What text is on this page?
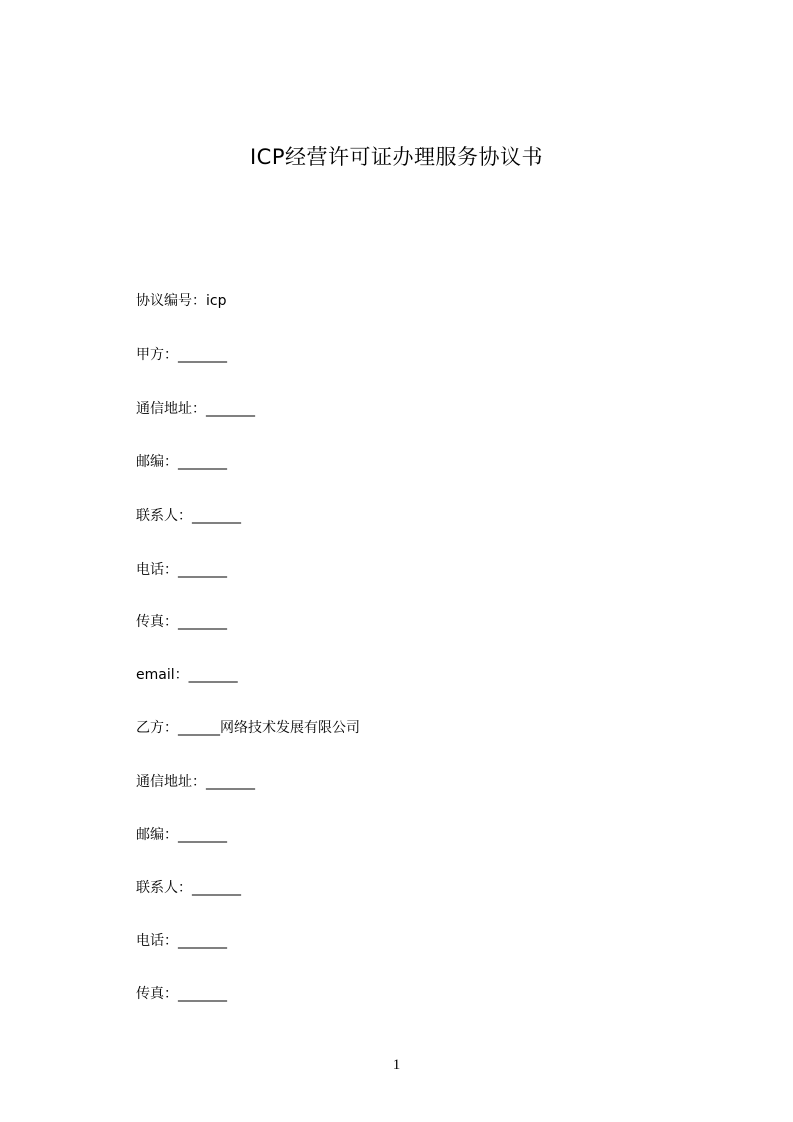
ICP经营许可证办理服务协议书
协议编号：icp
甲方：_______
通信地址：_______
邮编：_______
联系人：_______
电话：_______
传真：_______
email：_______
乙方：______网络技术发展有限公司
通信地址：_______
邮编：_______
联系人：_______
电话：_______
传真：_______
1
